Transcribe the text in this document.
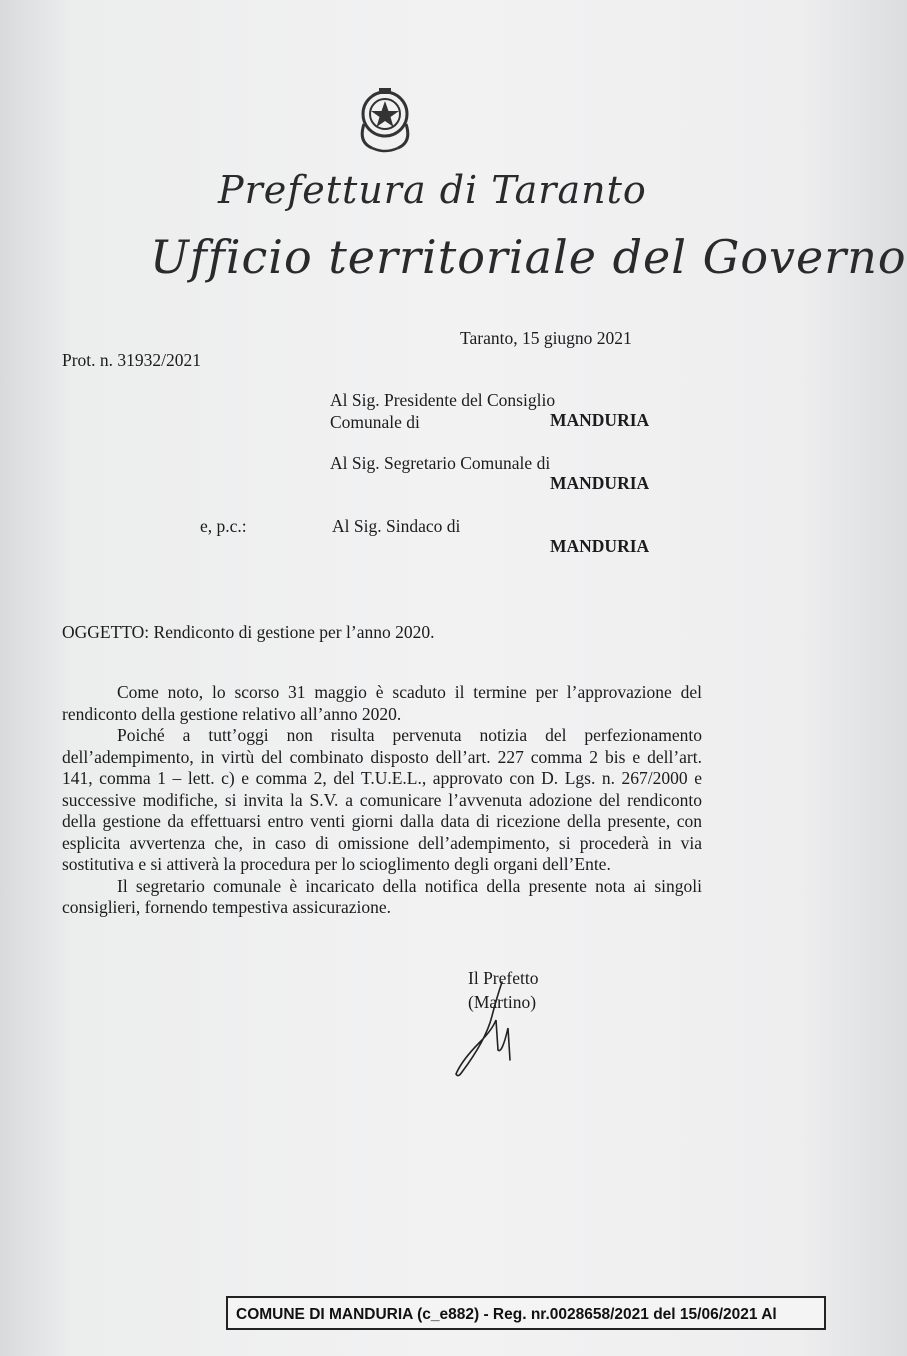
Prefettura di Taranto
Ufficio territoriale del Governo
Taranto, 15 giugno 2021
Prot. n. 31932/2021
Al Sig. Presidente del Consiglio
Comunale di	MANDURIA
Al Sig. Segretario Comunale di
MANDURIA
e, p.c.:	Al Sig. Sindaco di
MANDURIA
OGGETTO: Rendiconto di gestione per l’anno 2020.

Come noto, lo scorso 31 maggio è scaduto il termine per l’approvazione del rendiconto della gestione relativo all’anno 2020.

Poiché a tutt’oggi non risulta pervenuta notizia del perfezionamento dell’adempimento, in virtù del combinato disposto dell’art. 227 comma 2 bis e dell’art. 141, comma 1 – lett. c) e comma 2, del T.U.E.L., approvato con D. Lgs. n. 267/2000 e successive modifiche, si invita la S.V. a comunicare l’avvenuta adozione del rendiconto della gestione da effettuarsi entro venti giorni dalla data di ricezione della presente, con esplicita avvertenza che, in caso di omissione dell’adempimento, si procederà in via sostitutiva e si attiverà la procedura per lo scioglimento degli organi dell’Ente.

Il segretario comunale è incaricato della notifica della presente nota ai singoli consiglieri, fornendo tempestiva assicurazione.

Il Prefetto
(Martino)
COMUNE DI MANDURIA (c_e882) - Reg. nr.0028658/2021 del 15/06/2021 Al
